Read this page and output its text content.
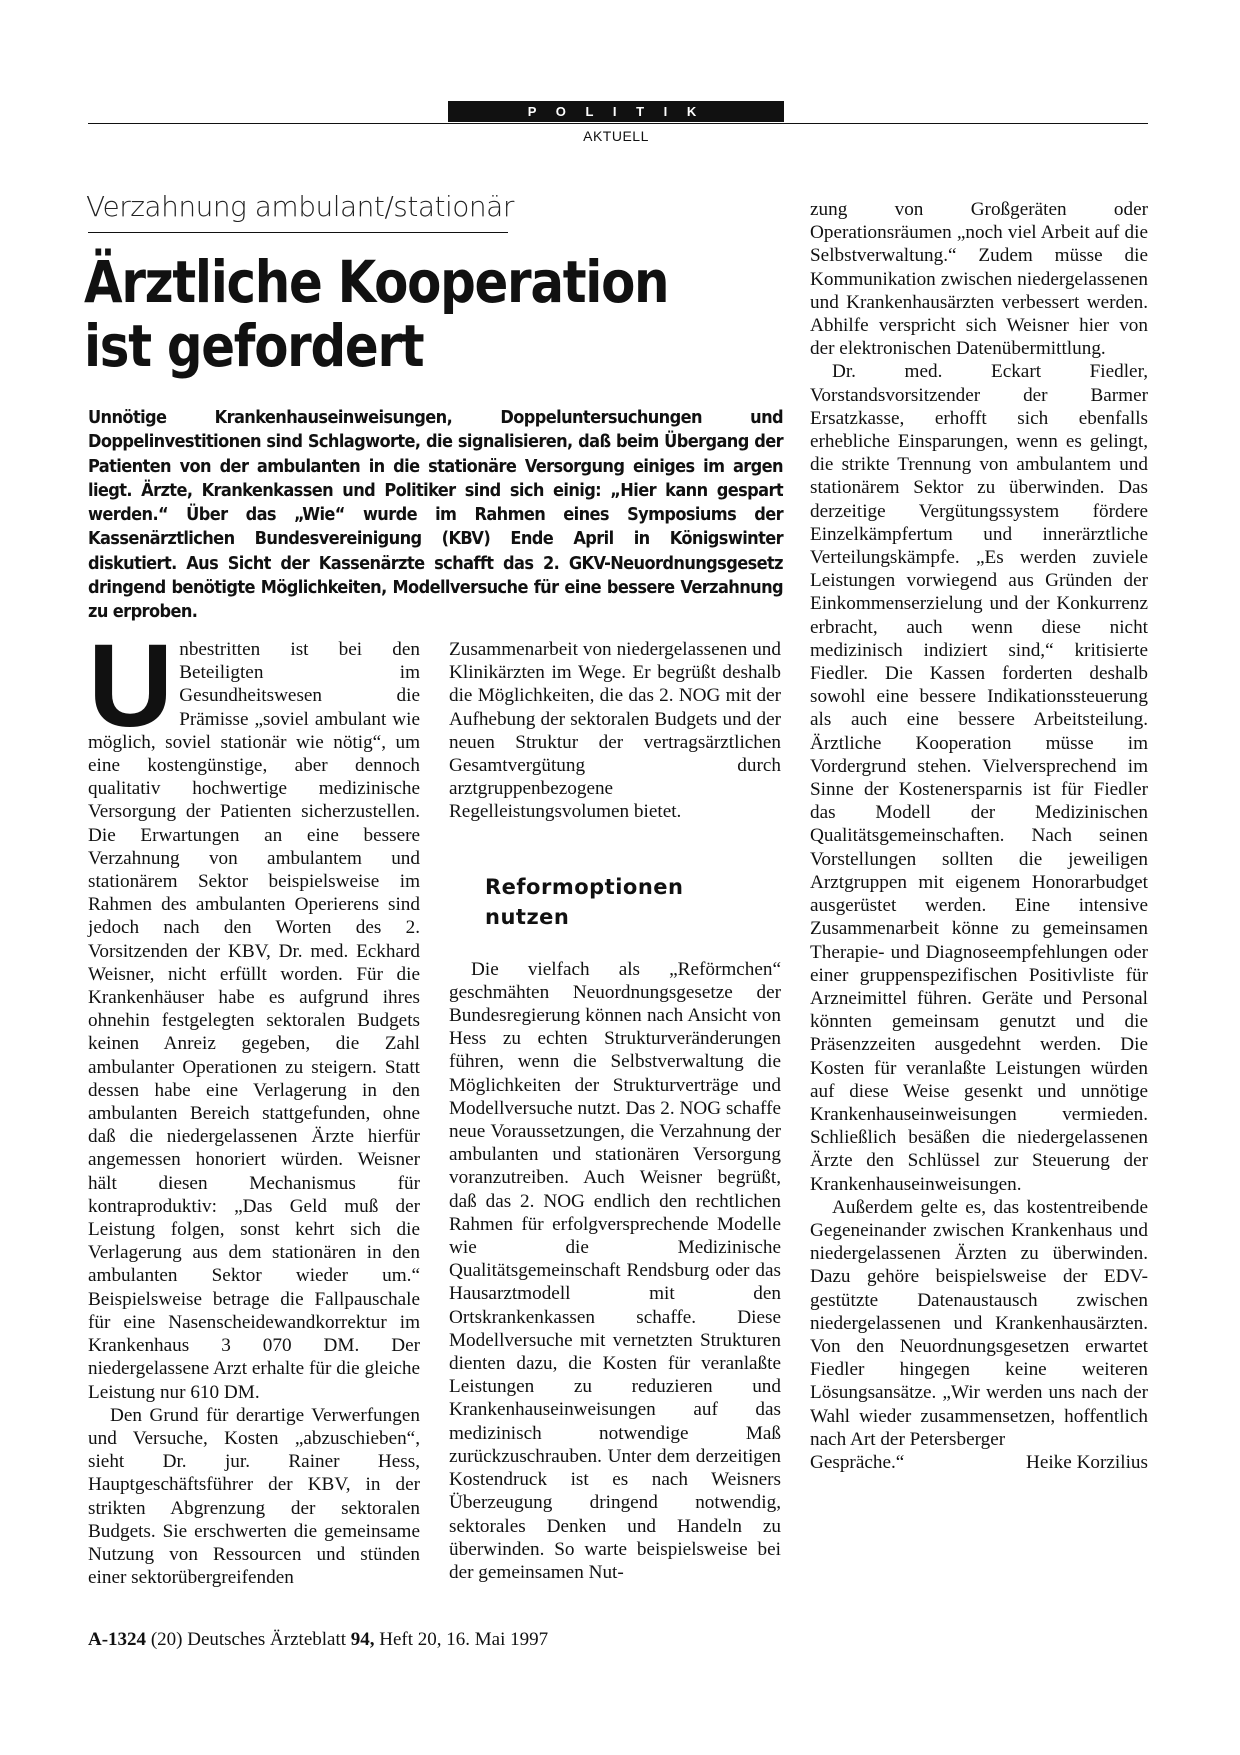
P O L I T I K
AKTUELL
Verzahnung ambulant/stationär
Ärztliche Kooperation
ist gefordert
Unnötige Krankenhauseinweisungen, Doppeluntersuchungen und Doppelinvestitionen sind Schlagworte, die signalisieren, daß beim Übergang der Patienten von der ambulanten in die stationäre Versorgung einiges im argen liegt. Ärzte, Krankenkassen und Politiker sind sich einig: „Hier kann gespart werden.“ Über das „Wie“ wurde im Rahmen eines Symposiums der Kassenärztlichen Bundesvereinigung (KBV) Ende April in Königswinter diskutiert. Aus Sicht der Kassenärzte schafft das 2. GKV-Neuordnungsgesetz dringend benötigte Möglichkeiten, Modellversuche für eine bessere Verzahnung zu erproben.

Unbestritten ist bei den Beteiligten im Gesundheitswesen die Prämisse „soviel ambulant wie möglich, soviel stationär wie nötig“, um eine kostengünstige, aber dennoch qualitativ hochwertige medizinische Versorgung der Patienten sicherzustellen. Die Erwartungen an eine bessere Verzahnung von ambulantem und stationärem Sektor beispielsweise im Rahmen des ambulanten Operierens sind jedoch nach den Worten des 2. Vorsitzenden der KBV, Dr. med. Eckhard Weisner, nicht erfüllt worden. Für die Krankenhäuser habe es aufgrund ihres ohnehin festgelegten sektoralen Budgets keinen Anreiz gegeben, die Zahl ambulanter Operationen zu steigern. Statt dessen habe eine Verlagerung in den ambulanten Bereich stattgefunden, ohne daß die niedergelassenen Ärzte hierfür angemessen honoriert würden. Weisner hält diesen Mechanismus für kontraproduktiv: „Das Geld muß der Leistung folgen, sonst kehrt sich die Verlagerung aus dem stationären in den ambulanten Sektor wieder um.“ Beispielsweise betrage die Fallpauschale für eine Nasenscheidewandkorrektur im Krankenhaus 3 070 DM. Der niedergelassene Arzt erhalte für die gleiche Leistung nur 610 DM.

Den Grund für derartige Verwerfungen und Versuche, Kosten „abzuschieben“, sieht Dr. jur. Rainer Hess, Hauptgeschäftsführer der KBV, in der strikten Abgrenzung der sektoralen Budgets. Sie erschwerten die gemeinsame Nutzung von Ressourcen und stünden einer sektorübergreifenden

Zusammenarbeit von niedergelassenen und Klinikärzten im Wege. Er begrüßt deshalb die Möglichkeiten, die das 2. NOG mit der Aufhebung der sektoralen Budgets und der neuen Struktur der vertragsärztlichen Gesamtvergütung durch arztgruppenbezogene Regelleistungsvolumen bietet.

Reformoptionen
nutzen

Die vielfach als „Reförmchen“ geschmähten Neuordnungsgesetze der Bundesregierung können nach Ansicht von Hess zu echten Strukturveränderungen führen, wenn die Selbstverwaltung die Möglichkeiten der Strukturverträge und Modellversuche nutzt. Das 2. NOG schaffe neue Voraussetzungen, die Verzahnung der ambulanten und stationären Versorgung voranzutreiben. Auch Weisner begrüßt, daß das 2. NOG endlich den rechtlichen Rahmen für erfolgversprechende Modelle wie die Medizinische Qualitätsgemeinschaft Rendsburg oder das Hausarztmodell mit den Ortskrankenkassen schaffe. Diese Modellversuche mit vernetzten Strukturen dienten dazu, die Kosten für veranlaßte Leistungen zu reduzieren und Krankenhauseinweisungen auf das medizinisch notwendige Maß zurückzuschrauben. Unter dem derzeitigen Kostendruck ist es nach Weisners Überzeugung dringend notwendig, sektorales Denken und Handeln zu überwinden. So warte beispielsweise bei der gemeinsamen Nut-

zung von Großgeräten oder Operationsräumen „noch viel Arbeit auf die Selbstverwaltung.“ Zudem müsse die Kommunikation zwischen niedergelassenen und Krankenhausärzten verbessert werden. Abhilfe verspricht sich Weisner hier von der elektronischen Datenübermittlung.

Dr. med. Eckart Fiedler, Vorstandsvorsitzender der Barmer Ersatzkasse, erhofft sich ebenfalls erhebliche Einsparungen, wenn es gelingt, die strikte Trennung von ambulantem und stationärem Sektor zu überwinden. Das derzeitige Vergütungssystem fördere Einzelkämpfertum und innerärztliche Verteilungskämpfe. „Es werden zuviele Leistungen vorwiegend aus Gründen der Einkommenserzielung und der Konkurrenz erbracht, auch wenn diese nicht medizinisch indiziert sind,“ kritisierte Fiedler. Die Kassen forderten deshalb sowohl eine bessere Indikationssteuerung als auch eine bessere Arbeitsteilung. Ärztliche Kooperation müsse im Vordergrund stehen. Vielversprechend im Sinne der Kostenersparnis ist für Fiedler das Modell der Medizinischen Qualitätsgemeinschaften. Nach seinen Vorstellungen sollten die jeweiligen Arztgruppen mit eigenem Honorarbudget ausgerüstet werden. Eine intensive Zusammenarbeit könne zu gemeinsamen Therapie- und Diagnoseempfehlungen oder einer gruppenspezifischen Positivliste für Arzneimittel führen. Geräte und Personal könnten gemeinsam genutzt und die Präsenzzeiten ausgedehnt werden. Die Kosten für veranlaßte Leistungen würden auf diese Weise gesenkt und unnötige Krankenhauseinweisungen vermieden. Schließlich besäßen die niedergelassenen Ärzte den Schlüssel zur Steuerung der Krankenhauseinweisungen.

Außerdem gelte es, das kostentreibende Gegeneinander zwischen Krankenhaus und niedergelassenen Ärzten zu überwinden. Dazu gehöre beispielsweise der EDV-gestützte Datenaustausch zwischen niedergelassenen und Krankenhausärzten. Von den Neuordnungsgesetzen erwartet Fiedler hingegen keine weiteren Lösungsansätze. „Wir werden uns nach der Wahl wieder zusammensetzen, hoffentlich nach Art der Petersberger

Gespräche.“	Heike Korzilius
A-1324 (20) Deutsches Ärzteblatt 94, Heft 20, 16. Mai 1997
